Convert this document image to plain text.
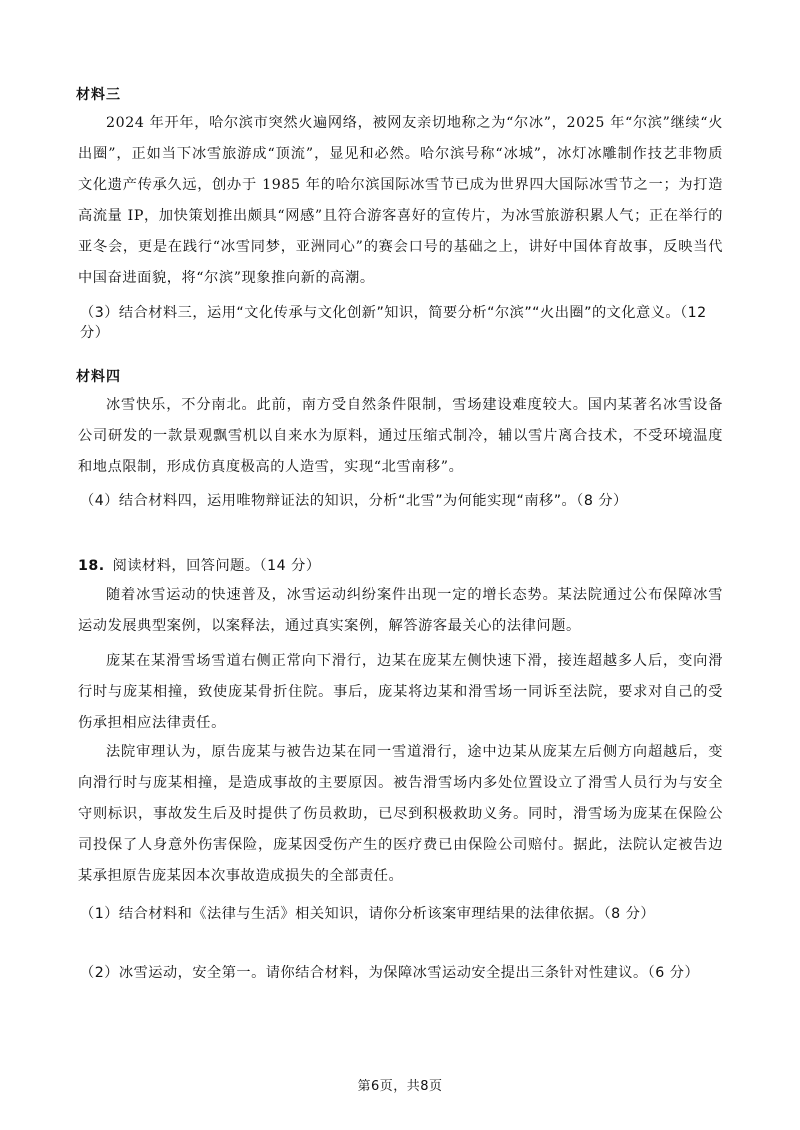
材料三
2024 年开年，哈尔滨市突然火遍网络，被网友亲切地称之为“尔冰”，2025 年“尔滨”继续“火出圈”，正如当下冰雪旅游成“顶流”，显见和必然。哈尔滨号称“冰城”，冰灯冰雕制作技艺非物质文化遗产传承久远，创办于 1985 年的哈尔滨国际冰雪节已成为世界四大国际冰雪节之一；为打造高流量 IP，加快策划推出颇具“网感”且符合游客喜好的宣传片，为冰雪旅游积累人气；正在举行的亚冬会，更是在践行“冰雪同梦，亚洲同心”的赛会口号的基础之上，讲好中国体育故事，反映当代中国奋进面貌，将“尔滨”现象推向新的高潮。
（3）结合材料三，运用“文化传承与文化创新”知识，简要分析“尔滨”“火出圈”的文化意义。（12 分）
材料四
冰雪快乐，不分南北。此前，南方受自然条件限制，雪场建设难度较大。国内某著名冰雪设备公司研发的一款景观飘雪机以自来水为原料，通过压缩式制冷，辅以雪片离合技术，不受环境温度和地点限制，形成仿真度极高的人造雪，实现“北雪南移”。
（4）结合材料四，运用唯物辩证法的知识，分析“北雪”为何能实现“南移”。（8 分）
18. 阅读材料，回答问题。（14 分）
随着冰雪运动的快速普及，冰雪运动纠纷案件出现一定的增长态势。某法院通过公布保障冰雪运动发展典型案例，以案释法，通过真实案例，解答游客最关心的法律问题。
庞某在某滑雪场雪道右侧正常向下滑行，边某在庞某左侧快速下滑，接连超越多人后，变向滑行时与庞某相撞，致使庞某骨折住院。事后，庞某将边某和滑雪场一同诉至法院，要求对自己的受伤承担相应法律责任。
法院审理认为，原告庞某与被告边某在同一雪道滑行，途中边某从庞某左后侧方向超越后，变向滑行时与庞某相撞，是造成事故的主要原因。被告滑雪场内多处位置设立了滑雪人员行为与安全守则标识，事故发生后及时提供了伤员救助，已尽到积极救助义务。同时，滑雪场为庞某在保险公司投保了人身意外伤害保险，庞某因受伤产生的医疗费已由保险公司赔付。据此，法院认定被告边某承担原告庞某因本次事故造成损失的全部责任。
（1）结合材料和《法律与生活》相关知识，请你分析该案审理结果的法律依据。（8 分）
（2）冰雪运动，安全第一。请你结合材料，为保障冰雪运动安全提出三条针对性建议。（6 分）
第6页，共8页
